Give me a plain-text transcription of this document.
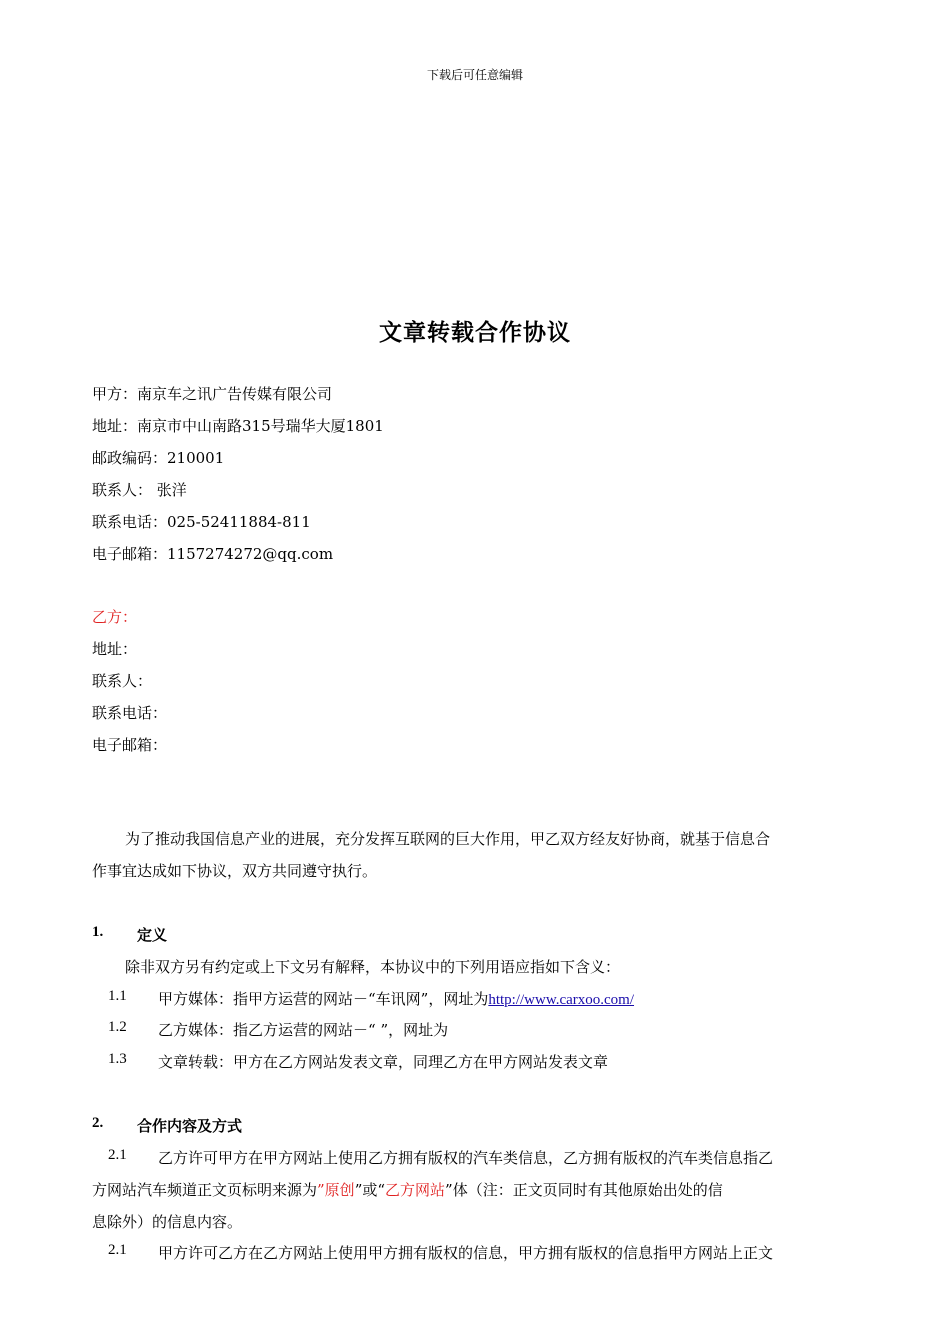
下载后可任意编辑
文章转载合作协议
甲方：南京车之讯广告传媒有限公司
地址：南京市中山南路315号瑞华大厦1801
邮政编码：210001
联系人： 张洋
联系电话：025-52411884-811
电子邮箱：1157274272@qq.com
乙方：
地址：
联系人：
联系电话：
电子邮箱：
为了推动我国信息产业的进展，充分发挥互联网的巨大作用，甲乙双方经友好协商，就基于信息合
作事宜达成如下协议，双方共同遵守执行。
1. 定义
除非双方另有约定或上下文另有解释，本协议中的下列用语应指如下含义：
1.1 甲方媒体：指甲方运营的网站－“车讯网”，网址为http://www.carxoo.com/
1.2 乙方媒体：指乙方运营的网站－“ ”，网址为
1.3 文章转载：甲方在乙方网站发表文章，同理乙方在甲方网站发表文章
2. 合作内容及方式
2.1 乙方许可甲方在甲方网站上使用乙方拥有版权的汽车类信息，乙方拥有版权的汽车类信息指乙
方网站汽车频道正文页标明来源为”原创”或“乙方网站”体（注：正文页同时有其他原始出处的信
息除外）的信息内容。
2.1 甲方许可乙方在乙方网站上使用甲方拥有版权的信息，甲方拥有版权的信息指甲方网站上正文
